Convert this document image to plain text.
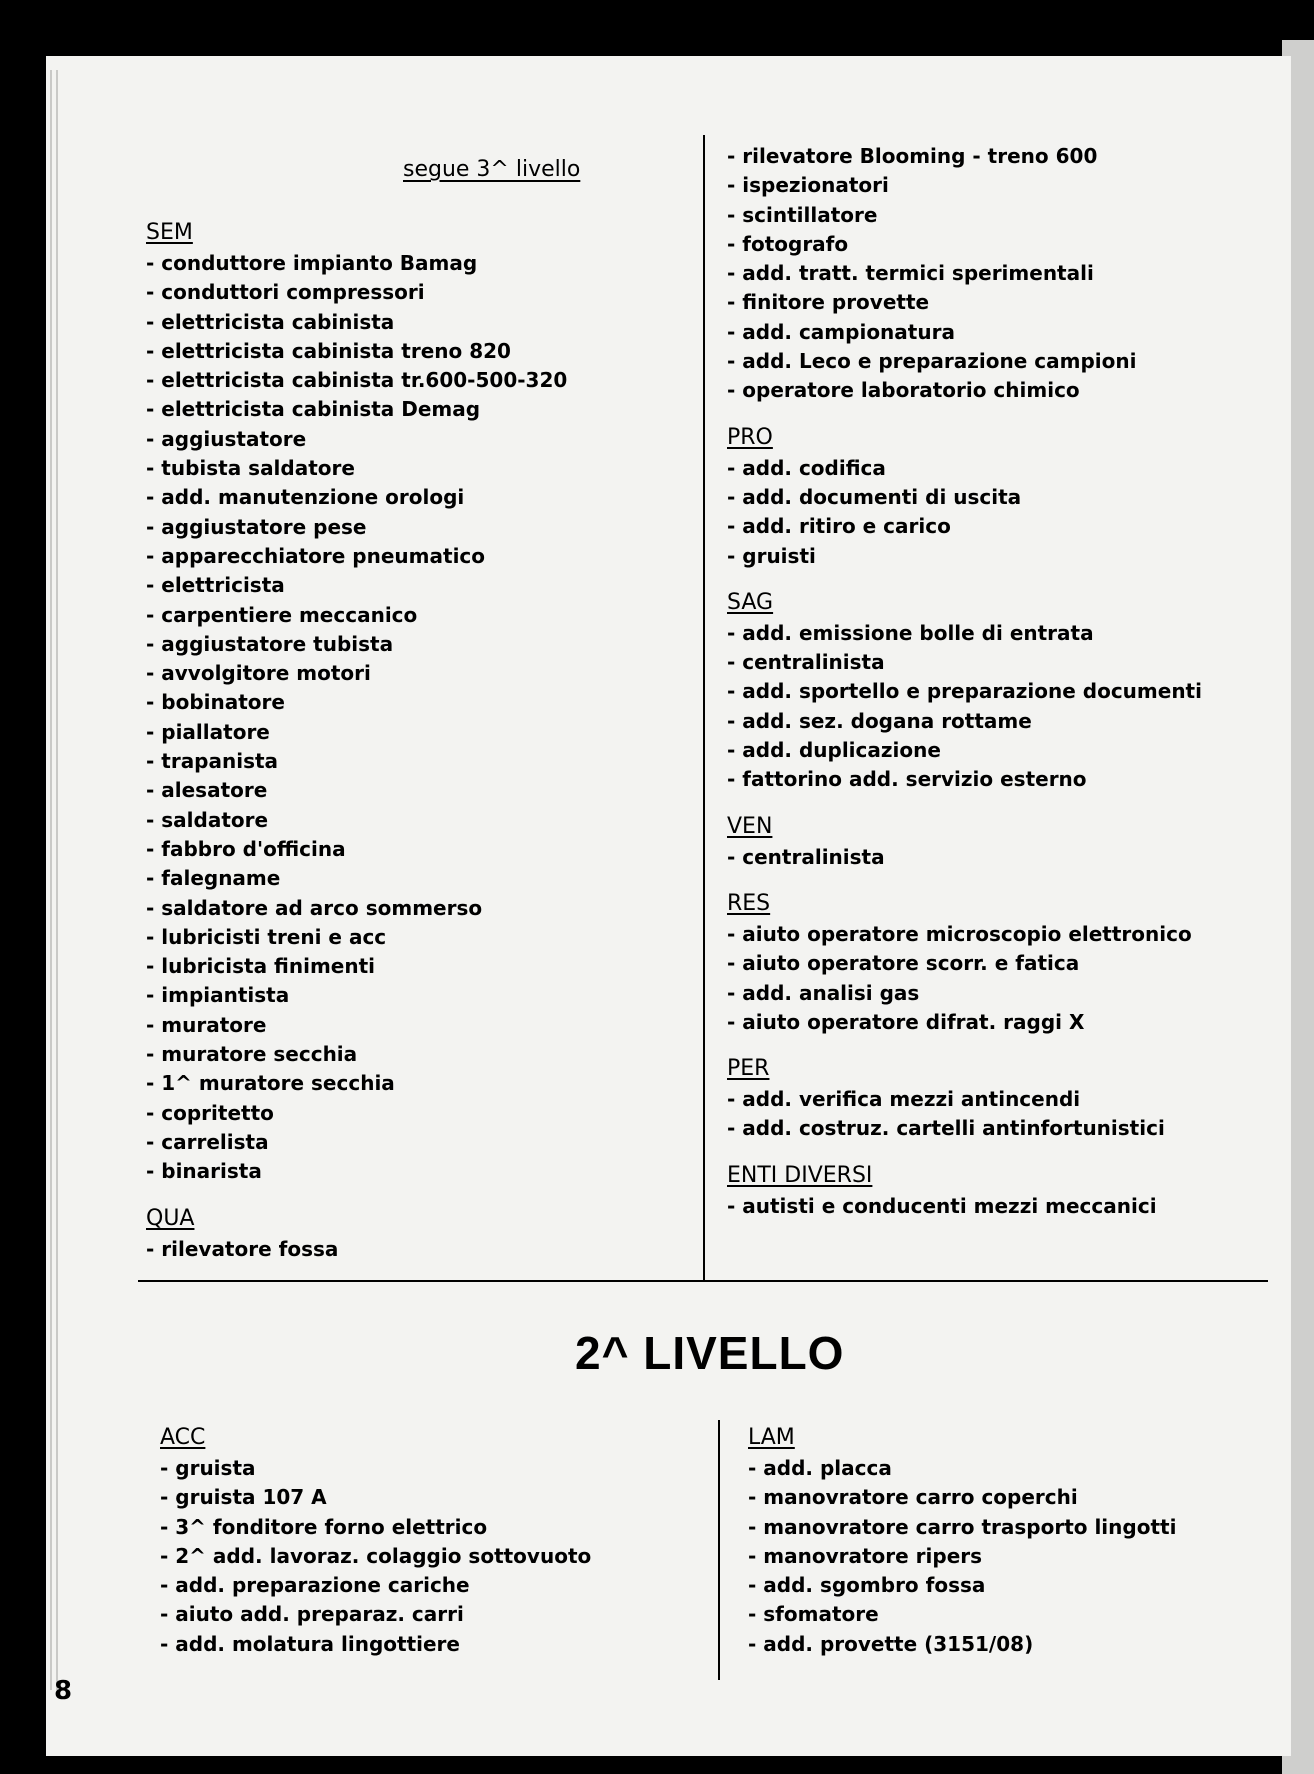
segue 3^ livello
SEM
- conduttore impianto Bamag
- conduttori compressori
- elettricista cabinista
- elettricista cabinista treno 820
- elettricista cabinista tr.600-500-320
- elettricista cabinista Demag
- aggiustatore
- tubista saldatore
- add. manutenzione orologi
- aggiustatore pese
- apparecchiatore pneumatico
- elettricista
- carpentiere meccanico
- aggiustatore tubista
- avvolgitore motori
- bobinatore
- piallatore
- trapanista
- alesatore
- saldatore
- fabbro d'officina
- falegname
- saldatore ad arco sommerso
- lubricisti treni e acc
- lubricista finimenti
- impiantista
- muratore
- muratore secchia
- 1^ muratore secchia
- copritetto
- carrelista
- binarista
QUA
- rilevatore fossa
- rilevatore Blooming - treno 600
- ispezionatori
- scintillatore
- fotografo
- add. tratt. termici sperimentali
- finitore provette
- add. campionatura
- add. Leco e preparazione campioni
- operatore laboratorio chimico
PRO
- add. codifica
- add. documenti di uscita
- add. ritiro e carico
- gruisti
SAG
- add. emissione bolle di entrata
- centralinista
- add. sportello e preparazione documenti
- add. sez. dogana rottame
- add. duplicazione
- fattorino add. servizio esterno
VEN
- centralinista
RES
- aiuto operatore microscopio elettronico
- aiuto operatore scorr. e fatica
- add. analisi gas
- aiuto operatore difrat. raggi X
PER
- add. verifica mezzi antincendi
- add. costruz. cartelli antinfortunistici
ENTI DIVERSI
- autisti e conducenti mezzi meccanici
2^ LIVELLO
ACC
- gruista
- gruista 107 A
- 3^ fonditore forno elettrico
- 2^ add. lavoraz. colaggio sottovuoto
- add. preparazione cariche
- aiuto add. preparaz. carri
- add. molatura lingottiere
LAM
- add. placca
- manovratore carro coperchi
- manovratore carro trasporto lingotti
- manovratore ripers
- add. sgombro fossa
- sfomatore
- add. provette (3151/08)
8
